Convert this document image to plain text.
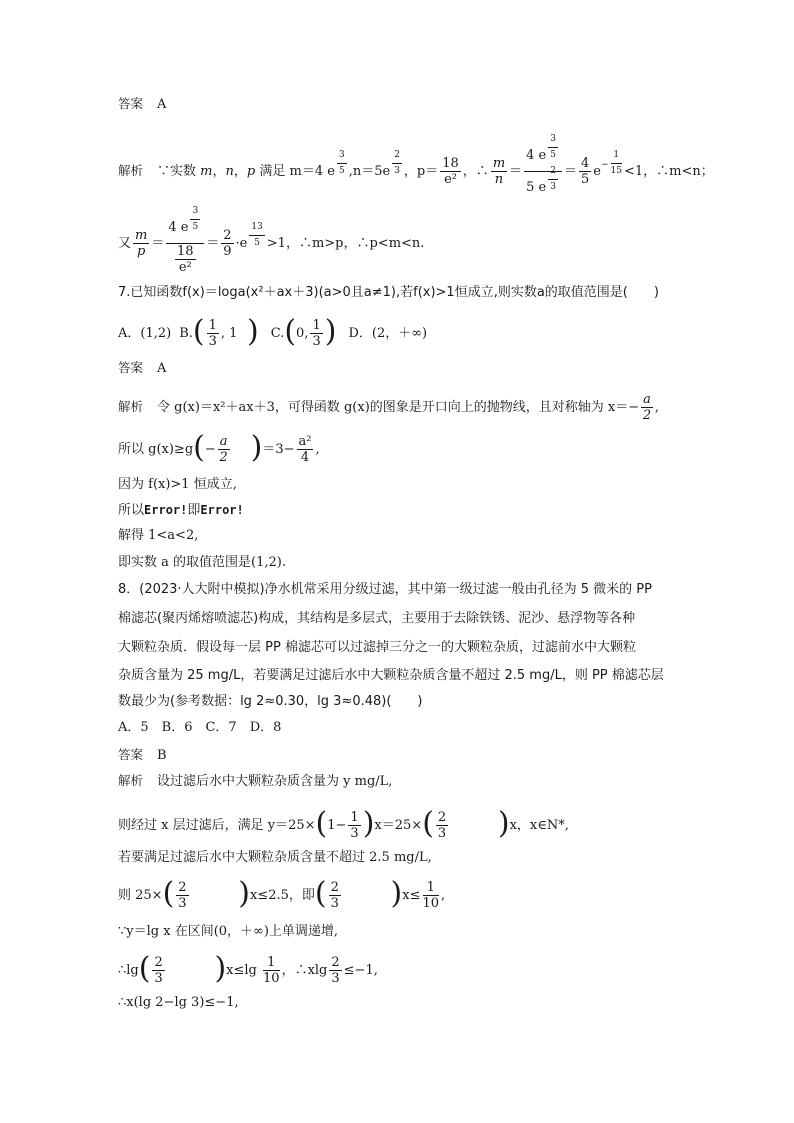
答案 A
解析 ∵实数 m，n，p 满足 m＝4 e $\frac{3}{5} ,n=5e \frac{2}{3}$ ，$p= \frac{18}{\text{e²}}$ ，∴ $\frac{m}{n} = \frac{4 e \frac{3}{5}}{5 e \frac{2}{3}} = \frac{4}{5} e^- \frac{1}{15} <1$，∴m<n；
又 $\frac{m}{p} = \frac{4 e \frac{3}{5}}{\frac{18}{\text{e²}}} = \frac{2}{9} \cdot e \frac{13}{5} >1$，∴m>p，∴p<m<n.
7.已知函数f(x)＝loga(x²＋ax＋3)(a>0且a≠1),若f(x)>1恒成立,则实数a的取值范围是(　　)
A．(1,2) $B.( \frac{1}{3}$ , 1 ) C.(0, $\frac{1}{3}$ ) D．(2，＋∞)
答案 A
解析 令 g(x)＝x²＋ax＋3，可得函数 g(x)的图象是开口向上的抛物线，且对称轴为 $x=- \frac{a}{2}$ ,
所以 $g(x)\ge g(- \frac{a}{2} )=3- \frac{\text{a²}}{4}$ ,
因为 f(x)>1 恒成立,
所以Error!即Error!
解得 1<a<2,
即实数 a 的取值范围是(1,2).
8．(2023·人大附中模拟)净水机常采用分级过滤，其中第一级过滤一般由孔径为 5 微米的 PP
棉滤芯(聚丙烯熔喷滤芯)构成，其结构是多层式，主要用于去除铁锈、泥沙、悬浮物等各种
大颗粒杂质．假设每一层 PP 棉滤芯可以过滤掉三分之一的大颗粒杂质，过滤前水中大颗粒
杂质含量为 25 mg/L，若要满足过滤后水中大颗粒杂质含量不超过 2.5 mg/L，则 PP 棉滤芯层
数最少为(参考数据：lg 2≈0.30，lg 3≈0.48)(　　)
A．5　B．6　C．7　D．8
答案 B
解析 设过滤后水中大颗粒杂质含量为 y mg/L,
则经过 x 层过滤后，满足 $y=25\times(1- \frac{1}{3} )x=25\times( \frac{2}{3} )x$，x∈N*,
若要满足过滤后水中大颗粒杂质含量不超过 2.5 mg/L,
则 $25\times( \frac{2}{3} )x\le 2.5$，即( $\frac{2}{3} )x\le \frac{1}{10}$ ,
∵y＝lg x 在区间(0，＋∞)上单调递增,
∴lg( $\frac{2}{3} )x\le\lg \frac{1}{10}$ ，∴xlg $\frac{2}{3} \le-1$,
∴x(lg 2−lg 3)≤−1,
